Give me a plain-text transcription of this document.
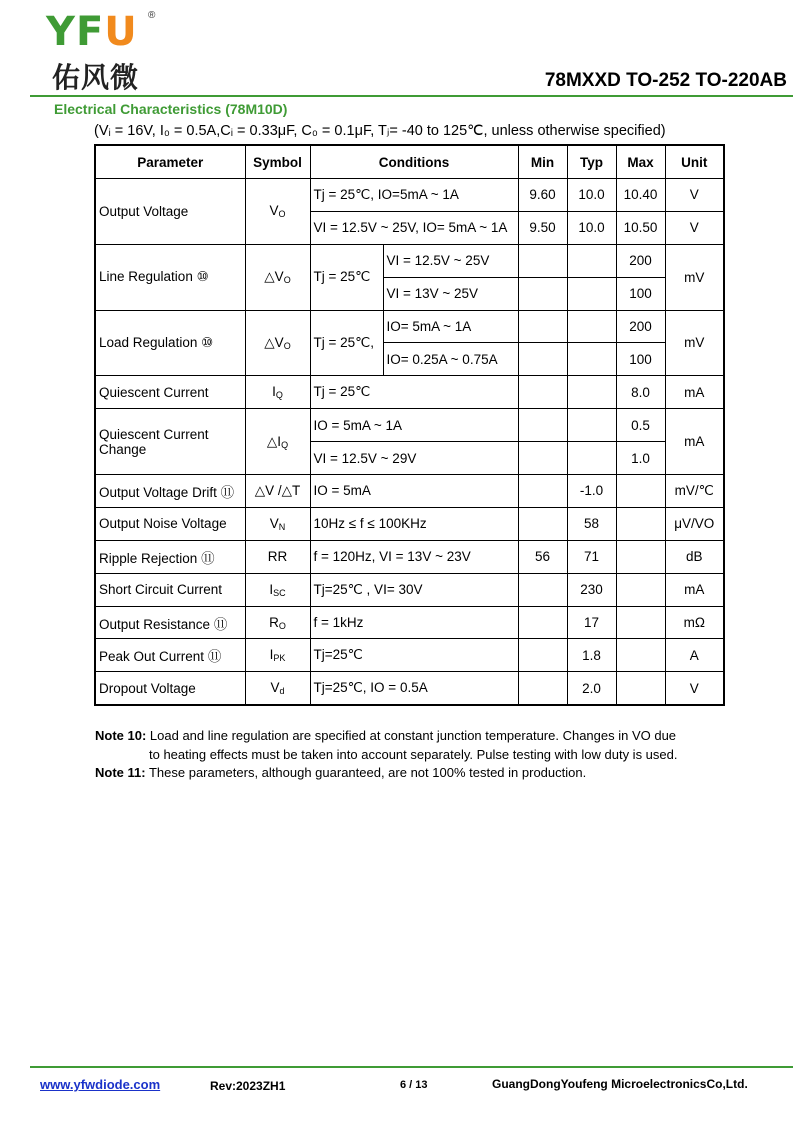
YFU ®
佑风微	78MXXD TO-252 TO-220AB
Electrical Characteristics (78M10D)
(Vᵢ = 16V, I₀ = 0.5A,Cᵢ = 0.33μF, C₀ = 0.1μF, Tⱼ= -40 to 125℃, unless otherwise specified)
Parameter	Symbol	Conditions		Min	Typ	Max	Unit
Output Voltage	$V_O$	Tj = 25℃, IO=5mA ~ 1A		9.60	10.0	10.40	V
		VI = 12.5V ~ 25V, IO= 5mA ~ 1A		9.50	10.0	10.50	V
Line Regulation ⑩	$\triangle V_O$	Tj = 25℃	VI = 12.5V ~ 25V			200	mV
			VI = 13V ~ 25V			100	
Load Regulation ⑩	$\triangle V_O$	Tj = 25℃,	IO= 5mA ~ 1A			200	mV
			IO= 0.25A ~ 0.75A			100	
Quiescent Current	$I_Q$	Tj = 25℃				8.0	mA
Quiescent Current Change	$\triangle I_Q$	IO = 5mA ~ 1A				0.5	mA
		VI = 12.5V ~ 29V				1.0	
Output Voltage Drift ⑪	△V /△T	IO = 5mA			-1.0		mV/℃
Output Noise Voltage	$V_N$	10Hz ≤ f ≤ 100KHz			58		μV/VO
Ripple Rejection ⑪	RR	f = 120Hz, VI = 13V ~ 23V		56	71		dB
Short Circuit Current	$I_{SC}$	Tj=25℃ , VI= 30V			230		mA
Output Resistance ⑪	$R_O$	f = 1kHz			17		mΩ
Peak Out Current ⑪	$I_{PK}$	Tj=25℃			1.8		A
Dropout Voltage	$V_d$	Tj=25℃, IO = 0.5A			2.0		V
Note 10: Load and line regulation are specified at constant junction temperature. Changes in VO due
to heating effects must be taken into account separately. Pulse testing with low duty is used.
Note 11: These parameters, although guaranteed, are not 100% tested in production.
www.yfwdiode.com	Rev:2023ZH1	6 / 13	GuangDongYoufeng MicroelectronicsCo,Ltd.
